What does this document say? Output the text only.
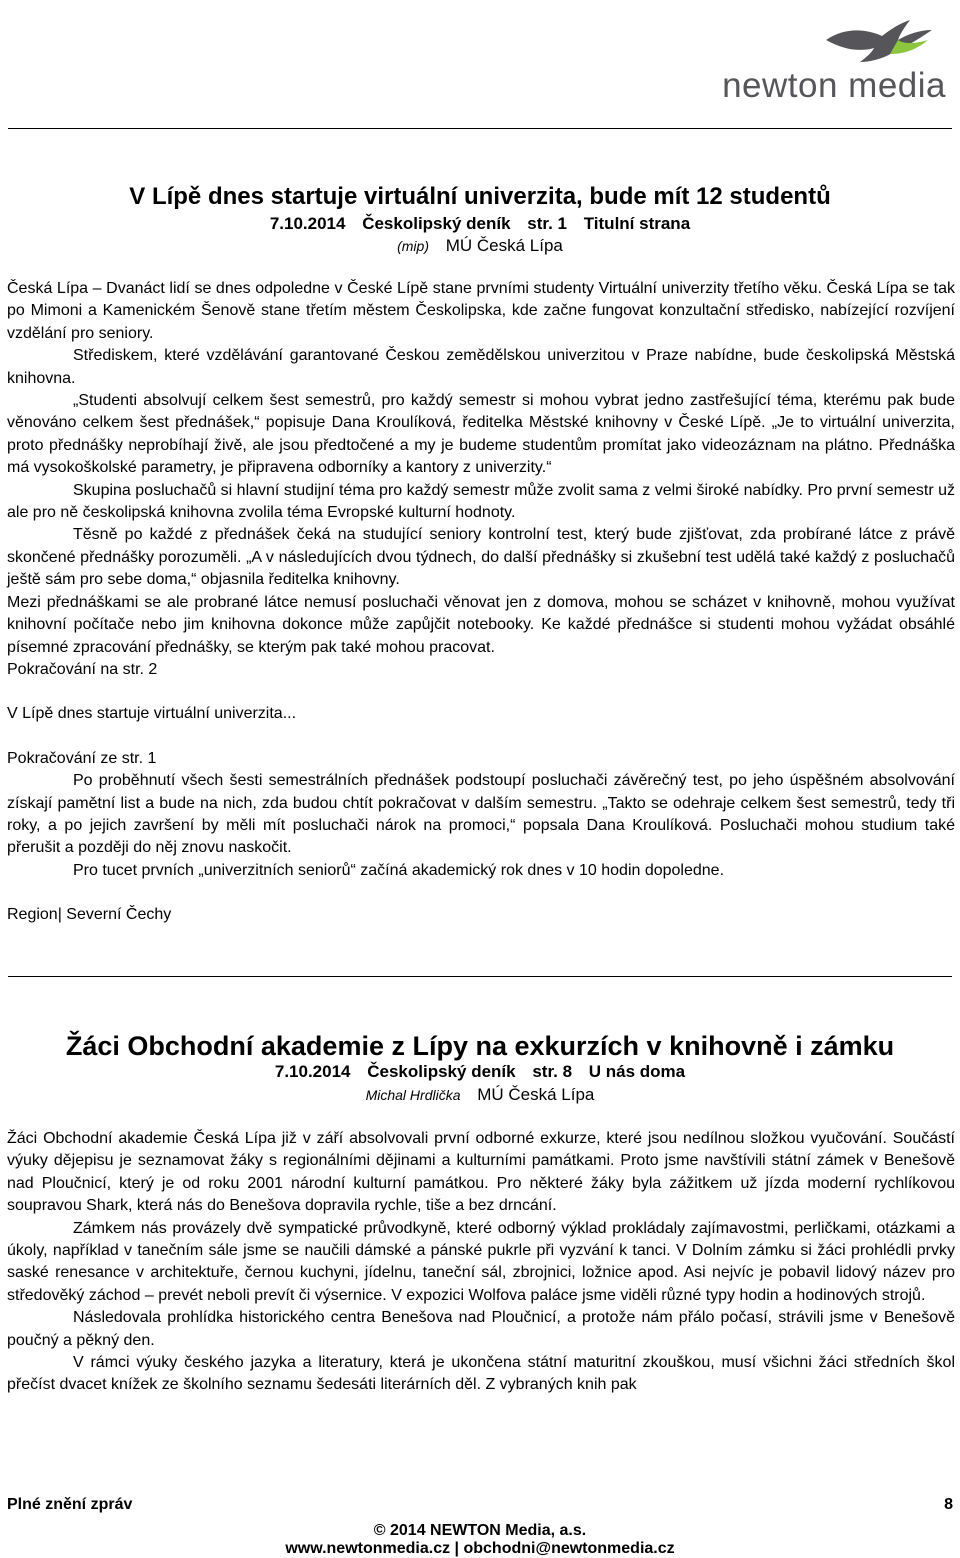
newton media
V Lípě dnes startuje virtuální univerzita, bude mít 12 studentů
7.10.2014 Českolipský deník str. 1 Titulní strana
(mip) MÚ Česká Lípa

Česká Lípa – Dvanáct lidí se dnes odpoledne v České Lípě stane prvními studenty Virtuální univerzity třetího věku. Česká Lípa se tak po Mimoni a Kamenickém Šenově stane třetím městem Českolipska, kde začne fungovat konzultační středisko, nabízející rozvíjení vzdělání pro seniory.

Střediskem, které vzdělávání garantované Českou zemědělskou univerzitou v Praze nabídne, bude českolipská Městská knihovna.

„Studenti absolvují celkem šest semestrů, pro každý semestr si mohou vybrat jedno zastřešující téma, kterému pak bude věnováno celkem šest přednášek,“ popisuje Dana Kroulíková, ředitelka Městské knihovny v České Lípě. „Je to virtuální univerzita, proto přednášky neprobíhají živě, ale jsou předtočené a my je budeme studentům promítat jako videozáznam na plátno. Přednáška má vysokoškolské parametry, je připravena odborníky a kantory z univerzity.“

Skupina posluchačů si hlavní studijní téma pro každý semestr může zvolit sama z velmi široké nabídky. Pro první semestr už ale pro ně českolipská knihovna zvolila téma Evropské kulturní hodnoty.

Těsně po každé z přednášek čeká na studující seniory kontrolní test, který bude zjišťovat, zda probírané látce z právě skončené přednášky porozuměli. „A v následujících dvou týdnech, do další přednášky si zkušební test udělá také každý z posluchačů ještě sám pro sebe doma,“ objasnila ředitelka knihovny.

Mezi přednáškami se ale probrané látce nemusí posluchači věnovat jen z domova, mohou se scházet v knihovně, mohou využívat knihovní počítače nebo jim knihovna dokonce může zapůjčit notebooky. Ke každé přednášce si studenti mohou vyžádat obsáhlé písemné zpracování přednášky, se kterým pak také mohou pracovat.

Pokračování na str. 2

V Lípě dnes startuje virtuální univerzita...

Pokračování ze str. 1

Po proběhnutí všech šesti semestrálních přednášek podstoupí posluchači závěrečný test, po jeho úspěšném absolvování získají pamětní list a bude na nich, zda budou chtít pokračovat v dalším semestru. „Takto se odehraje celkem šest semestrů, tedy tři roky, a po jejich završení by měli mít posluchači nárok na promoci,“ popsala Dana Kroulíková. Posluchači mohou studium také přerušit a později do něj znovu naskočit.

Pro tucet prvních „univerzitních seniorů“ začíná akademický rok dnes v 10 hodin dopoledne.

Region| Severní Čechy

Žáci Obchodní akademie z Lípy na exkurzích v knihovně i zámku
7.10.2014 Českolipský deník str. 8 U nás doma
Michal Hrdlička MÚ Česká Lípa

Žáci Obchodní akademie Česká Lípa již v září absolvovali první odborné exkurze, které jsou nedílnou složkou vyučování. Součástí výuky dějepisu je seznamovat žáky s regionálními dějinami a kulturními památkami. Proto jsme navštívili státní zámek v Benešově nad Ploučnicí, který je od roku 2001 národní kulturní památkou. Pro některé žáky byla zážitkem už jízda moderní rychlíkovou soupravou Shark, která nás do Benešova dopravila rychle, tiše a bez drncání.

Zámkem nás provázely dvě sympatické průvodkyně, které odborný výklad prokládaly zajímavostmi, perličkami, otázkami a úkoly, například v tanečním sále jsme se naučili dámské a pánské pukrle při vyzvání k tanci. V Dolním zámku si žáci prohlédli prvky saské renesance v architektuře, černou kuchyni, jídelnu, taneční sál, zbrojnici, ložnice apod. Asi nejvíc je pobavil lidový název pro středověký záchod – prevét neboli prevít či výsernice. V expozici Wolfova paláce jsme viděli různé typy hodin a hodinových strojů.

Následovala prohlídka historického centra Benešova nad Ploučnicí, a protože nám přálo počasí, strávili jsme v Benešově poučný a pěkný den.

V rámci výuky českého jazyka a literatury, která je ukončena státní maturitní zkouškou, musí všichni žáci středních škol přečíst dvacet knížek ze školního seznamu šedesáti literárních děl. Z vybraných knih pak

Plné znění zpráv	8
© 2014 NEWTON Media, a.s.
www.newtonmedia.cz | obchodni@newtonmedia.cz
